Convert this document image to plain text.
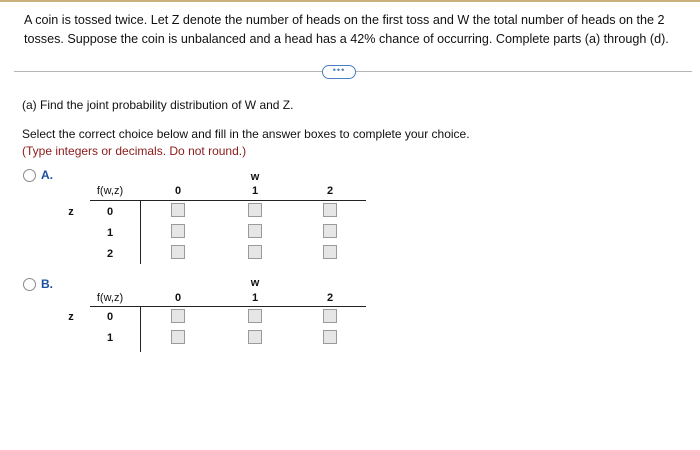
A coin is tossed twice. Let Z denote the number of heads on the first toss and W the total number of heads on the 2 tosses. Suppose the coin is unbalanced and a head has a 42% chance of occurring. Complete parts (a) through (d).
•••
(a) Find the joint probability distribution of W and Z.
Select the correct choice below and fill in the answer boxes to complete your choice.
(Type integers or decimals. Do not round.)
A.	w
f(w,z)	0	1	2
z	0
1
2
B.	w
f(w,z)	0	1	2
z	0
1
